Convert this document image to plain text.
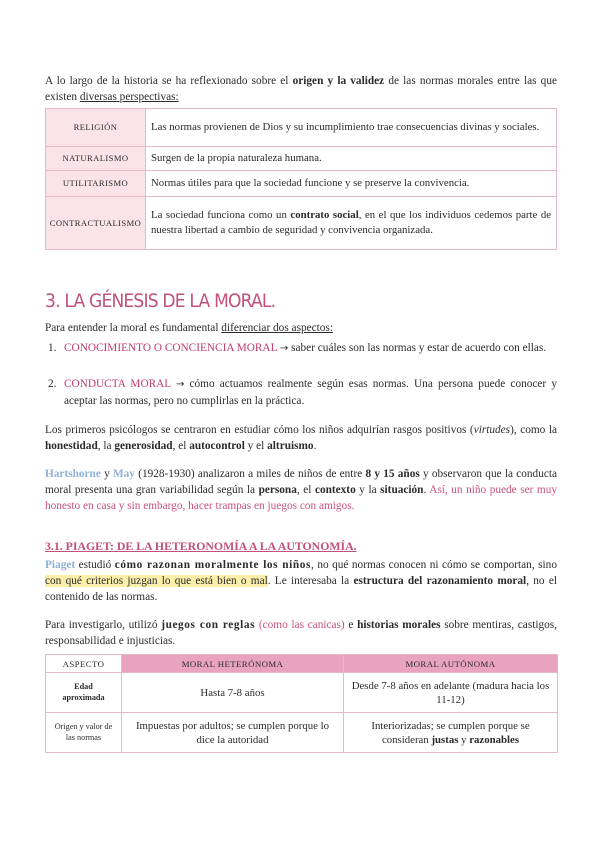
A lo largo de la historia se ha reflexionado sobre el origen y la validez de las normas morales entre las que existen diversas perspectivas:

RELIGIÓN	Las normas provienen de Dios y su incumplimiento trae consecuencias divinas y sociales.
NATURALISMO	Surgen de la propia naturaleza humana.
UTILITARISMO	Normas útiles para que la sociedad funcione y se preserve la convivencia.
CONTRACTUALISMO	La sociedad funciona como un contrato social, en el que los individuos cedemos parte de nuestra libertad a cambio de seguridad y convivencia organizada.
3. LA GÉNESIS DE LA MORAL.

Para entender la moral es fundamental diferenciar dos aspectos:

1. CONOCIMIENTO O CONCIENCIA MORAL → saber cuáles son las normas y estar de acuerdo con ellas.
2. CONDUCTA MORAL → cómo actuamos realmente según esas normas. Una persona puede conocer y aceptar las normas, pero no cumplirlas en la práctica.

Los primeros psicólogos se centraron en estudiar cómo los niños adquirían rasgos positivos (virtudes), como la honestidad, la generosidad, el autocontrol y el altruismo.

Hartshorne y May (1928-1930) analizaron a miles de niños de entre 8 y 15 años y observaron que la conducta moral presenta una gran variabilidad según la persona, el contexto y la situación. Así, un niño puede ser muy honesto en casa y sin embargo, hacer trampas en juegos con amigos.

3.1. PIAGET: DE LA HETERONOMÍA A LA AUTONOMÍA.

Piaget estudió cómo razonan moralmente los niños, no qué normas conocen ni cómo se comportan, sino con qué criterios juzgan lo que está bien o mal. Le interesaba la estructura del razonamiento moral, no el contenido de las normas.

Para investigarlo, utilizó juegos con reglas (como las canicas) e historias morales sobre mentiras, castigos, responsabilidad e injusticias.

ASPECTO	MORAL HETERÓNOMA	MORAL AUTÓNOMA
Edad aproximada	Hasta 7-8 años	Desde 7-8 años en adelante (madura hacia los 11-12)
Origen y valor de las normas	Impuestas por adultos; se cumplen porque lo dice la autoridad	Interiorizadas; se cumplen porque se consideran justas y razonables
